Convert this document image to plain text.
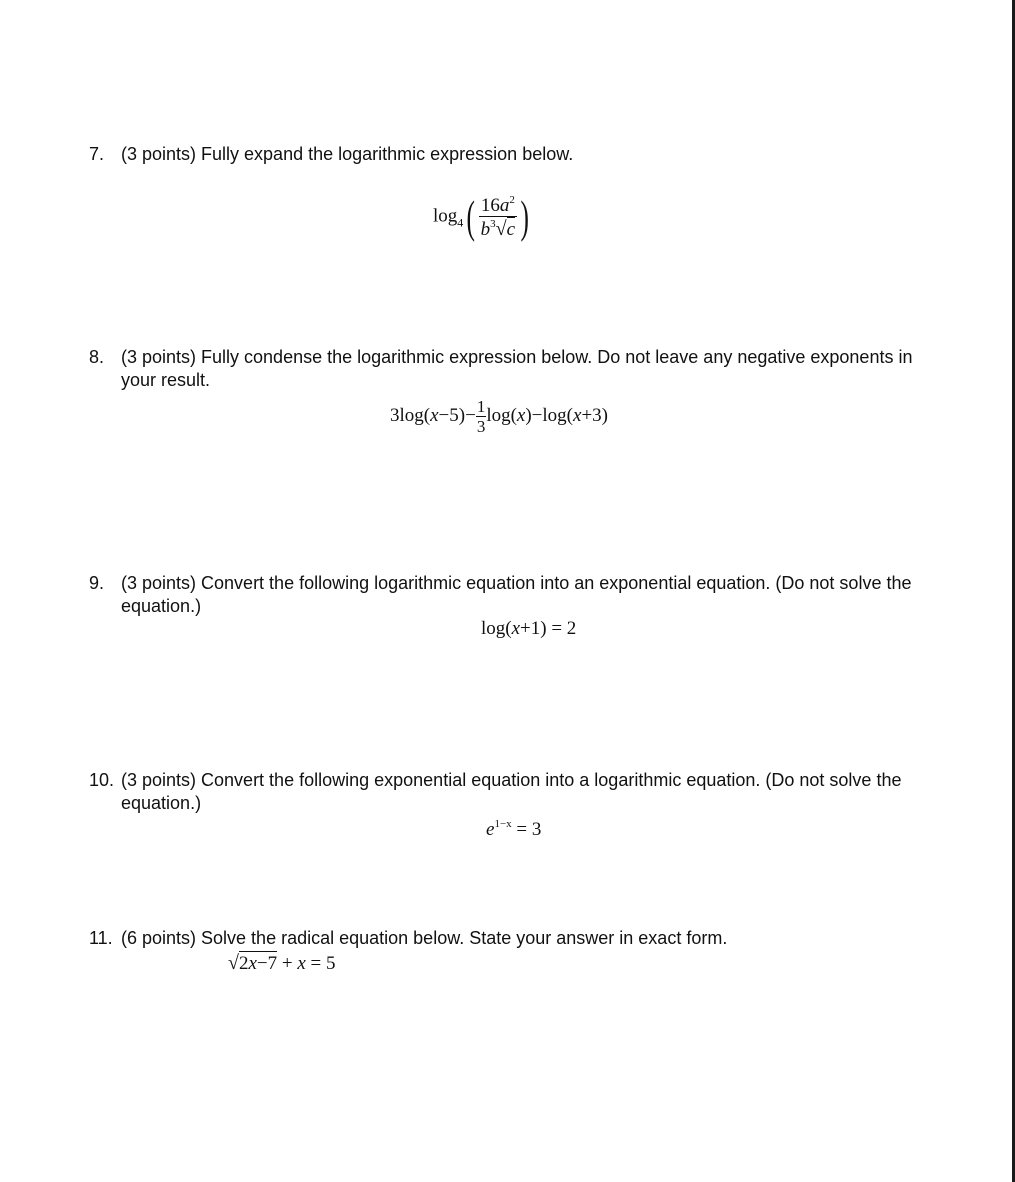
7. (3 points) Fully expand the logarithmic expression below.
$\log_4( \frac{16a^2}{b^3√c}$ )
8. (3 points) Fully condense the logarithmic expression below. Do not leave any negative exponents in your result.
$3\log(x-5)- \frac{1}{3} \log(x)-\log(x+3)$
9. (3 points) Convert the following logarithmic equation into an exponential equation. (Do not solve the equation.)
log(x+1) = 2
10. (3 points) Convert the following exponential equation into a logarithmic equation. (Do not solve the equation.)
$e^{1-x} = 3$
11. (6 points) Solve the radical equation below. State your answer in exact form.
√2x−7 + x = 5
